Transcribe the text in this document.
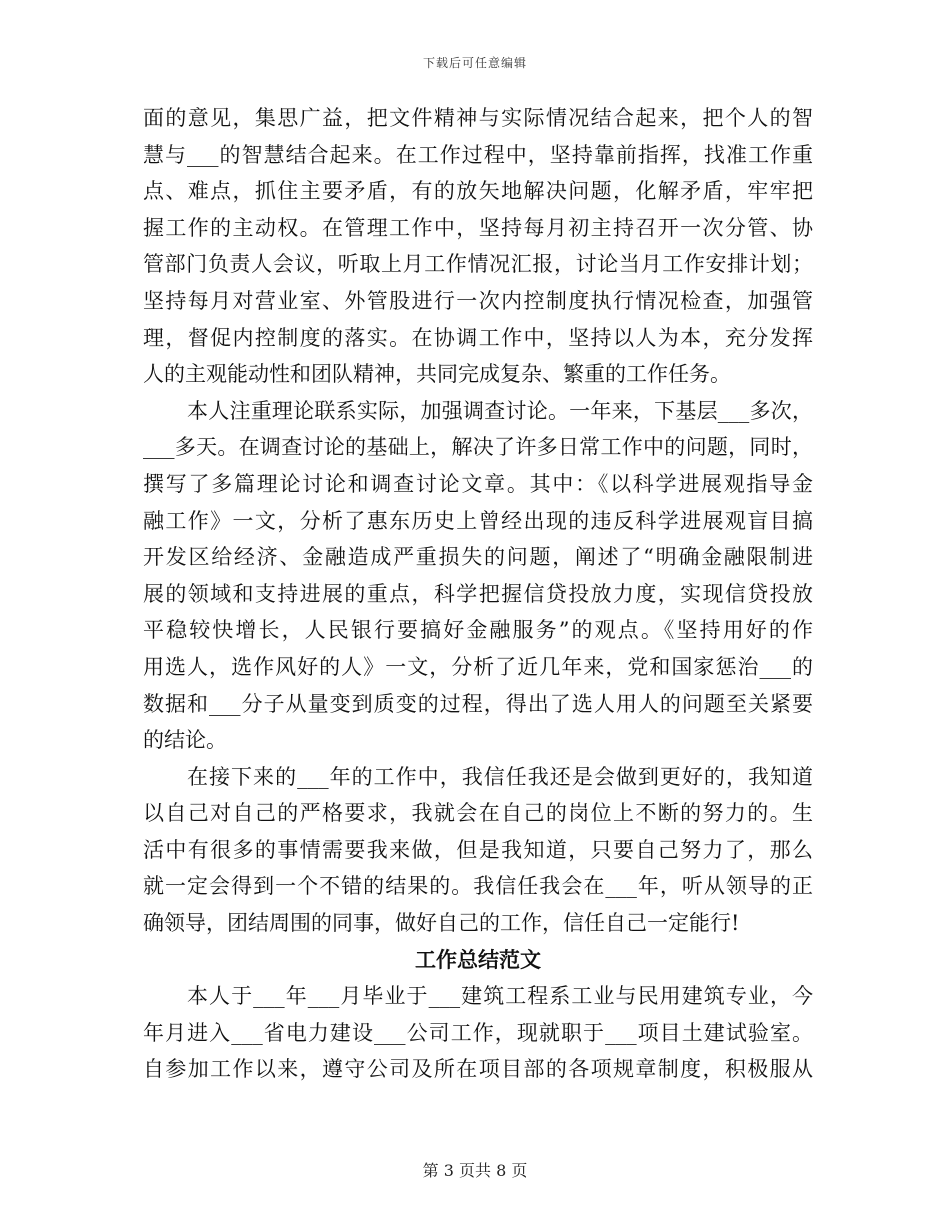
下载后可任意编辑
面的意见，集思广益，把文件精神与实际情况结合起来，把个人的智
慧与___的智慧结合起来。在工作过程中，坚持靠前指挥，找准工作重
点、难点，抓住主要矛盾，有的放矢地解决问题，化解矛盾，牢牢把
握工作的主动权。在管理工作中，坚持每月初主持召开一次分管、协
管部门负责人会议，听取上月工作情况汇报，讨论当月工作安排计划；
坚持每月对营业室、外管股进行一次内控制度执行情况检查，加强管
理，督促内控制度的落实。在协调工作中，坚持以人为本，充分发挥
人的主观能动性和团队精神，共同完成复杂、繁重的工作任务。
本人注重理论联系实际，加强调查讨论。一年来，下基层___多次，
___多天。在调查讨论的基础上，解决了许多日常工作中的问题，同时，
撰写了多篇理论讨论和调查讨论文章。其中：《以科学进展观指导金
融工作》一文，分析了惠东历史上曾经出现的违反科学进展观盲目搞
开发区给经济、金融造成严重损失的问题，阐述了“明确金融限制进
展的领域和支持进展的重点，科学把握信贷投放力度，实现信贷投放
平稳较快增长，人民银行要搞好金融服务”的观点。《坚持用好的作
用选人，选作风好的人》一文，分析了近几年来，党和国家惩治___的
数据和___分子从量变到质变的过程，得出了选人用人的问题至关紧要
的结论。
在接下来的___年的工作中，我信任我还是会做到更好的，我知道
以自己对自己的严格要求，我就会在自己的岗位上不断的努力的。生
活中有很多的事情需要我来做，但是我知道，只要自己努力了，那么
就一定会得到一个不错的结果的。我信任我会在___年，听从领导的正
确领导，团结周围的同事，做好自己的工作，信任自己一定能行!
工作总结范文
本人于___年___月毕业于___建筑工程系工业与民用建筑专业，今
年月进入___省电力建设___公司工作，现就职于___项目土建试验室。
自参加工作以来，遵守公司及所在项目部的各项规章制度，积极服从
第 3 页共 8 页
